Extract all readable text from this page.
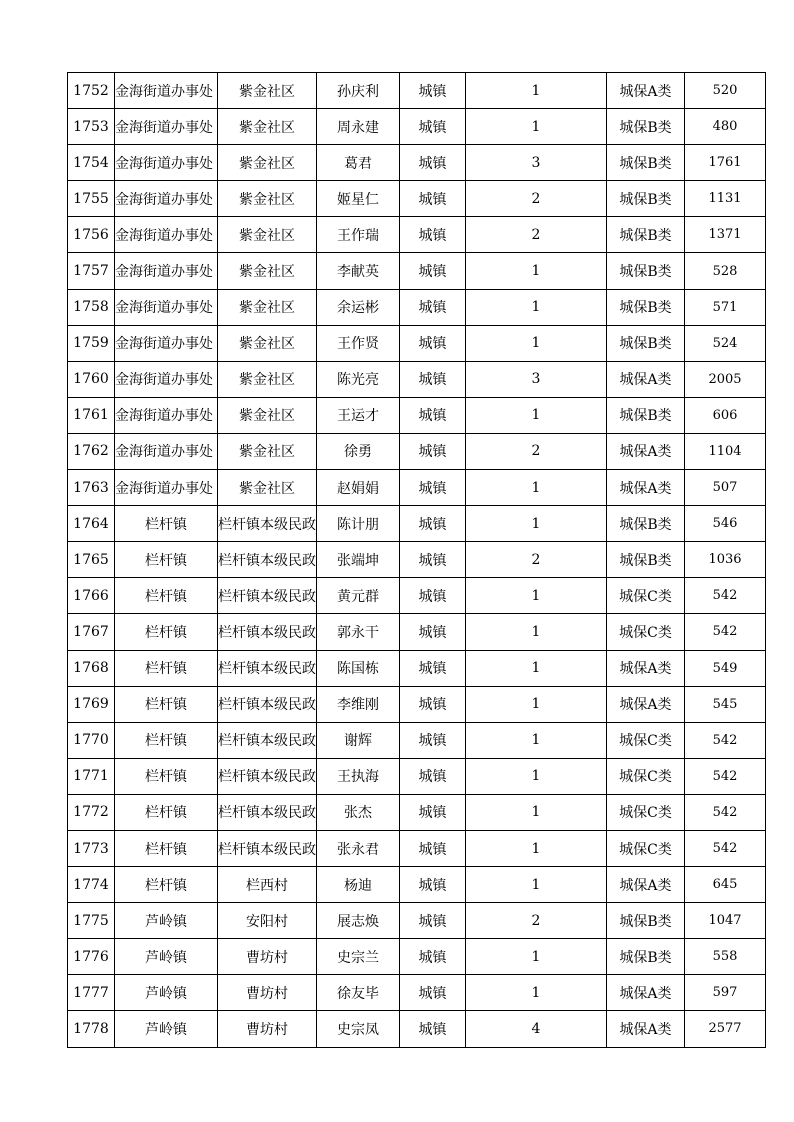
1752	金海街道办事处	紫金社区	孙庆利	城镇	1	城保A类	520
1753	金海街道办事处	紫金社区	周永建	城镇	1	城保B类	480
1754	金海街道办事处	紫金社区	葛君	城镇	3	城保B类	1761
1755	金海街道办事处	紫金社区	姬星仁	城镇	2	城保B类	1131
1756	金海街道办事处	紫金社区	王作瑞	城镇	2	城保B类	1371
1757	金海街道办事处	紫金社区	李献英	城镇	1	城保B类	528
1758	金海街道办事处	紫金社区	余运彬	城镇	1	城保B类	571
1759	金海街道办事处	紫金社区	王作贤	城镇	1	城保B类	524
1760	金海街道办事处	紫金社区	陈光亮	城镇	3	城保A类	2005
1761	金海街道办事处	紫金社区	王运才	城镇	1	城保B类	606
1762	金海街道办事处	紫金社区	徐勇	城镇	2	城保A类	1104
1763	金海街道办事处	紫金社区	赵娟娟	城镇	1	城保A类	507
1764	栏杆镇	栏杆镇本级民政	陈计朋	城镇	1	城保B类	546
1765	栏杆镇	栏杆镇本级民政	张端坤	城镇	2	城保B类	1036
1766	栏杆镇	栏杆镇本级民政	黄元群	城镇	1	城保C类	542
1767	栏杆镇	栏杆镇本级民政	郭永干	城镇	1	城保C类	542
1768	栏杆镇	栏杆镇本级民政	陈国栋	城镇	1	城保A类	549
1769	栏杆镇	栏杆镇本级民政	李维刚	城镇	1	城保A类	545
1770	栏杆镇	栏杆镇本级民政	谢辉	城镇	1	城保C类	542
1771	栏杆镇	栏杆镇本级民政	王执海	城镇	1	城保C类	542
1772	栏杆镇	栏杆镇本级民政	张杰	城镇	1	城保C类	542
1773	栏杆镇	栏杆镇本级民政	张永君	城镇	1	城保C类	542
1774	栏杆镇	栏西村	杨迪	城镇	1	城保A类	645
1775	芦岭镇	安阳村	展志焕	城镇	2	城保B类	1047
1776	芦岭镇	曹坊村	史宗兰	城镇	1	城保B类	558
1777	芦岭镇	曹坊村	徐友毕	城镇	1	城保A类	597
1778	芦岭镇	曹坊村	史宗凤	城镇	4	城保A类	2577
